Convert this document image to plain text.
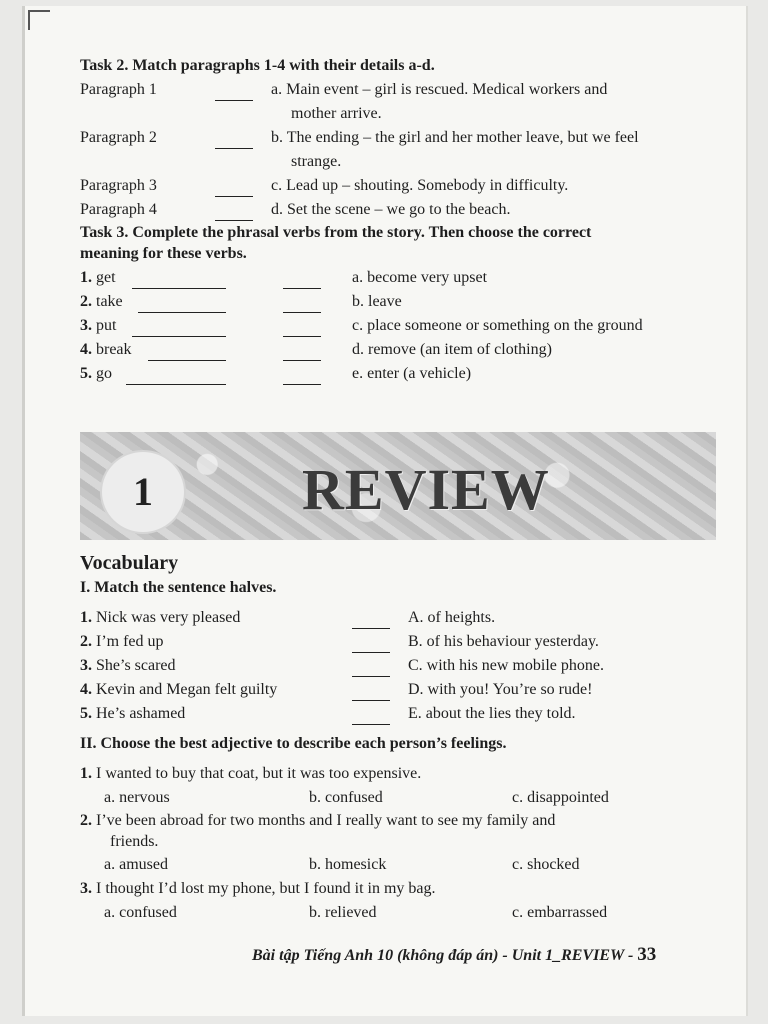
Task 2. Match paragraphs 1-4 with their details a-d.
Paragraph 1	a. Main event – girl is rescued. Medical workers and
mother arrive.
Paragraph 2	b. The ending – the girl and her mother leave, but we feel
strange.
Paragraph 3	c. Lead up – shouting. Somebody in difficulty.
Paragraph 4	d. Set the scene – we go to the beach.
Task 3. Complete the phrasal verbs from the story. Then choose the correct
meaning for these verbs.
1. get	a. become very upset
2. take	b. leave
3. put	c. place someone or something on the ground
4. break	d. remove (an item of clothing)
5. go	e. enter (a vehicle)
1	REVIEW
Vocabulary
I. Match the sentence halves.
1. Nick was very pleased	A. of heights.
2. I’m fed up	B. of his behaviour yesterday.
3. She’s scared	C. with his new mobile phone.
4. Kevin and Megan felt guilty	D. with you! You’re so rude!
5. He’s ashamed	E. about the lies they told.
II. Choose the best adjective to describe each person’s feelings.
1. I wanted to buy that coat, but it was too expensive.
a. nervous	b. confused	c. disappointed
2. I’ve been abroad for two months and I really want to see my family and
friends.
a. amused	b. homesick	c. shocked
3. I thought I’d lost my phone, but I found it in my bag.
a. confused	b. relieved	c. embarrassed
Bài tập Tiếng Anh 10 (không đáp án) - Unit 1_REVIEW - 33
